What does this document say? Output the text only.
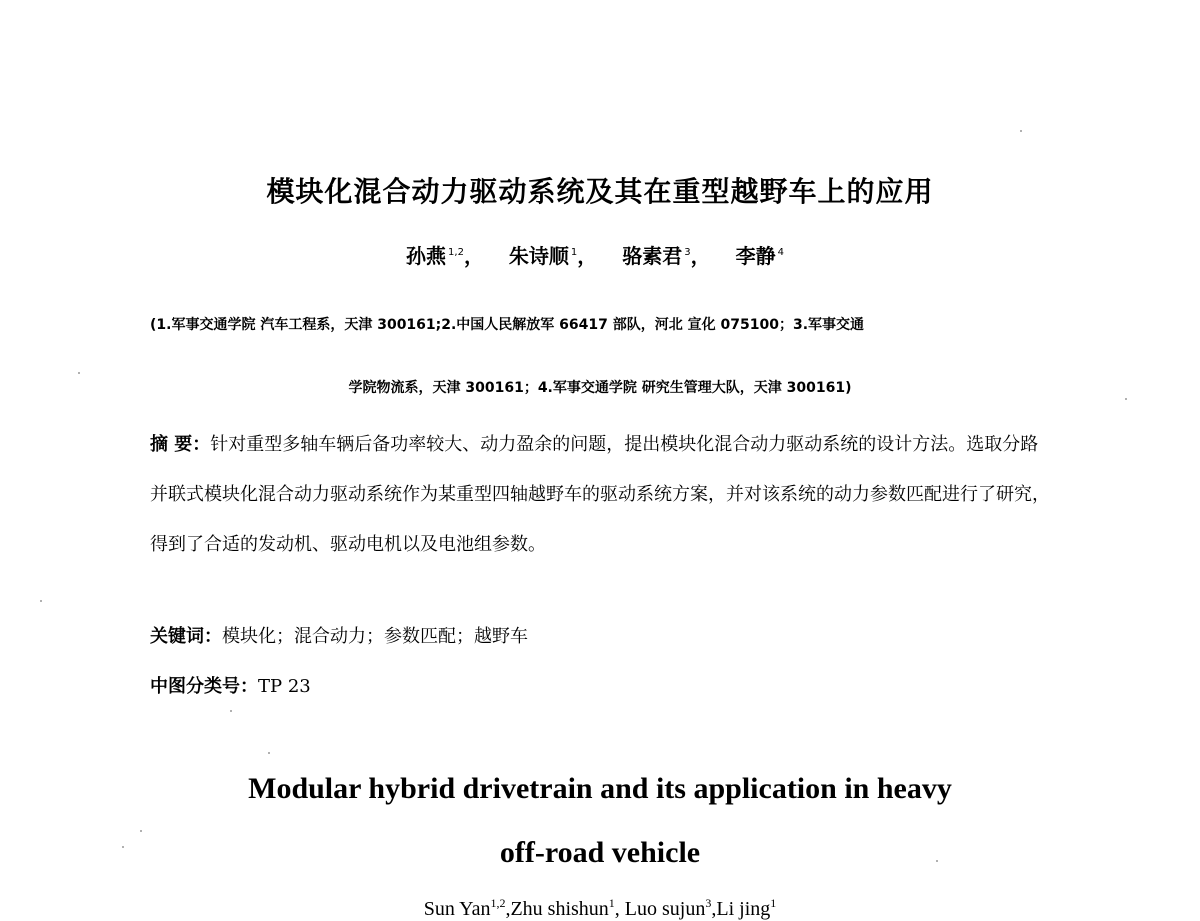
模块化混合动力驱动系统及其在重型越野车上的应用
孙燕 $^{1,2}$， 朱诗顺 $^1$， 骆素君 $^3$， 李静 $^4$
(1.军事交通学院 汽车工程系，天津 300161;2.中国人民解放军 66417 部队，河北 宣化 075100；3.军事交通
学院物流系，天津 300161；4.军事交通学院 研究生管理大队，天津 300161)
摘 要：针对重型多轴车辆后备功率较大、动力盈余的问题，提出模块化混合动力驱动系统的设计方法。选取分路并联式模块化混合动力驱动系统作为某重型四轴越野车的驱动系统方案，并对该系统的动力参数匹配进行了研究，得到了合适的发动机、驱动电机以及电池组参数。
关键词：模块化；混合动力；参数匹配；越野车
中图分类号：TP 23
Modular hybrid drivetrain and its application in heavy
off-road vehicle
Sun Yan$^{1,2}$,Zhu shishun$^1$, Luo sujun$^3$,Li jing$^1$
